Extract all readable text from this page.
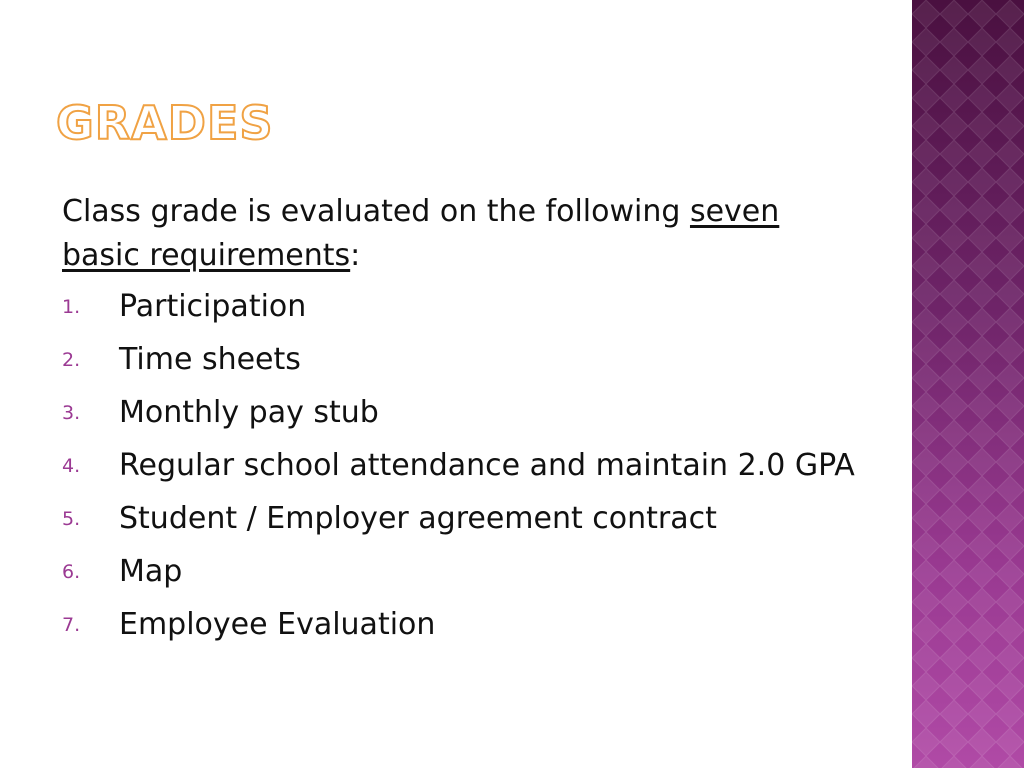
GRADES

Class grade is evaluated on the following seven basic requirements:

1.	Participation
2.	Time sheets
3.	Monthly pay stub
4.	Regular school attendance and maintain 2.0 GPA
5.	Student / Employer agreement contract
6.	Map
7.	Employee Evaluation
